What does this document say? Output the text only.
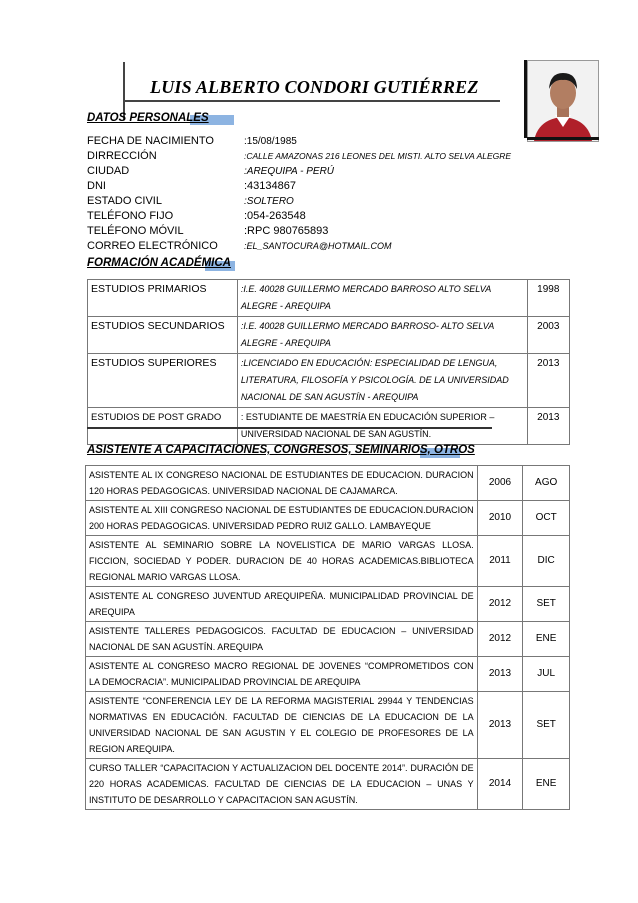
LUIS ALBERTO CONDORI GUTIÉRREZ
DATOS PERSONALES
FECHA DE NACIMIENTO	:15/08/1985
DIRRECCIÓN	:CALLE AMAZONAS 216 LEONES DEL MISTI. ALTO SELVA ALEGRE
CIUDAD	:AREQUIPA - PERÚ
DNI	:43134867
ESTADO CIVIL	:SOLTERO
TELÉFONO FIJO	:054-263548
TELÉFONO MÓVIL	:RPC 980765893
CORREO ELECTRÓNICO	:EL_SANTOCURA@HOTMAIL.COM
FORMACIÓN ACADÉMICA
ESTUDIOS PRIMARIOS	:I.E. 40028 GUILLERMO MERCADO BARROSO ALTO SELVA ALEGRE - AREQUIPA	1998
ESTUDIOS SECUNDARIOS	:I.E. 40028 GUILLERMO MERCADO BARROSO- ALTO SELVA ALEGRE - AREQUIPA	2003
ESTUDIOS SUPERIORES	:LICENCIADO EN EDUCACIÓN: ESPECIALIDAD DE LENGUA, LITERATURA, FILOSOFÍA Y PSICOLOGÍA. DE LA UNIVERSIDAD NACIONAL DE SAN AGUSTÍN - AREQUIPA	2013
ESTUDIOS DE POST GRADO	: ESTUDIANTE DE MAESTRÍA EN EDUCACIÓN SUPERIOR – UNIVERSIDAD NACIONAL DE SAN AGUSTÍN.	2013
ASISTENTE A CAPACITACIONES, CONGRESOS, SEMINARIOS, OTROS
ASISTENTE AL IX CONGRESO NACIONAL DE ESTUDIANTES DE EDUCACION. DURACION 120 HORAS PEDAGOGICAS. UNIVERSIDAD NACIONAL DE CAJAMARCA.	2006	AGO
ASISTENTE AL XIII CONGRESO NACIONAL DE ESTUDIANTES DE EDUCACION.DURACION 200 HORAS PEDAGOGICAS. UNIVERSIDAD PEDRO RUIZ GALLO. LAMBAYEQUE	2010	OCT
ASISTENTE AL SEMINARIO SOBRE LA NOVELISTICA DE MARIO VARGAS LLOSA. FICCION, SOCIEDAD Y PODER. DURACION DE 40 HORAS ACADEMICAS.BIBLIOTECA REGIONAL MARIO VARGAS LLOSA.	2011	DIC
ASISTENTE AL CONGRESO JUVENTUD AREQUIPEÑA. MUNICIPALIDAD PROVINCIAL DE AREQUIPA	2012	SET
ASISTENTE TALLERES PEDAGOGICOS. FACULTAD DE EDUCACION – UNIVERSIDAD NACIONAL DE SAN AGUSTÍN. AREQUIPA	2012	ENE
ASISTENTE AL CONGRESO MACRO REGIONAL DE JOVENES “COMPROMETIDOS CON LA DEMOCRACIA”. MUNICIPALIDAD PROVINCIAL DE AREQUIPA	2013	JUL
ASISTENTE “CONFERENCIA LEY DE LA REFORMA MAGISTERIAL 29944 Y TENDENCIAS NORMATIVAS EN EDUCACIÓN. FACULTAD DE CIENCIAS DE LA EDUCACION DE LA UNIVERSIDAD NACIONAL DE SAN AGUSTIN Y EL COLEGIO DE PROFESORES DE LA REGION AREQUIPA.	2013	SET
CURSO TALLER “CAPACITACION Y ACTUALIZACION DEL DOCENTE 2014”. DURACIÓN DE 220 HORAS ACADEMICAS. FACULTAD DE CIENCIAS DE LA EDUCACION – UNAS Y INSTITUTO DE DESARROLLO Y CAPACITACION SAN AGUSTÍN.	2014	ENE
